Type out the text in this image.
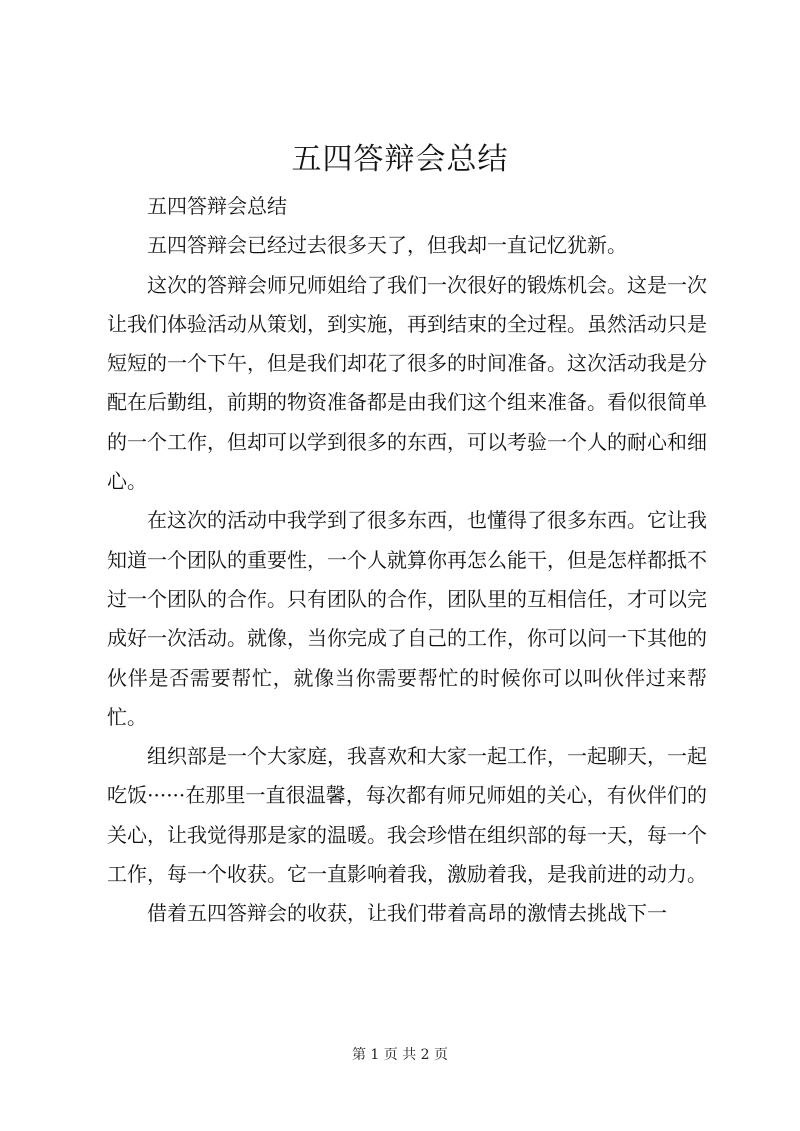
五四答辩会总结

五四答辩会总结

五四答辩会已经过去很多天了，但我却一直记忆犹新。

这次的答辩会师兄师姐给了我们一次很好的锻炼机会。这是一次让我们体验活动从策划，到实施，再到结束的全过程。虽然活动只是短短的一个下午，但是我们却花了很多的时间准备。这次活动我是分配在后勤组，前期的物资准备都是由我们这个组来准备。看似很简单的一个工作，但却可以学到很多的东西，可以考验一个人的耐心和细心。

在这次的活动中我学到了很多东西，也懂得了很多东西。它让我知道一个团队的重要性，一个人就算你再怎么能干，但是怎样都抵不过一个团队的合作。只有团队的合作，团队里的互相信任，才可以完成好一次活动。就像，当你完成了自己的工作，你可以问一下其他的伙伴是否需要帮忙，就像当你需要帮忙的时候你可以叫伙伴过来帮忙。

组织部是一个大家庭，我喜欢和大家一起工作，一起聊天，一起吃饭······在那里一直很温馨，每次都有师兄师姐的关心，有伙伴们的关心，让我觉得那是家的温暖。我会珍惜在组织部的每一天，每一个工作，每一个收获。它一直影响着我，激励着我，是我前进的动力。

借着五四答辩会的收获，让我们带着高昂的激情去挑战下一

第 1 页 共 2 页
